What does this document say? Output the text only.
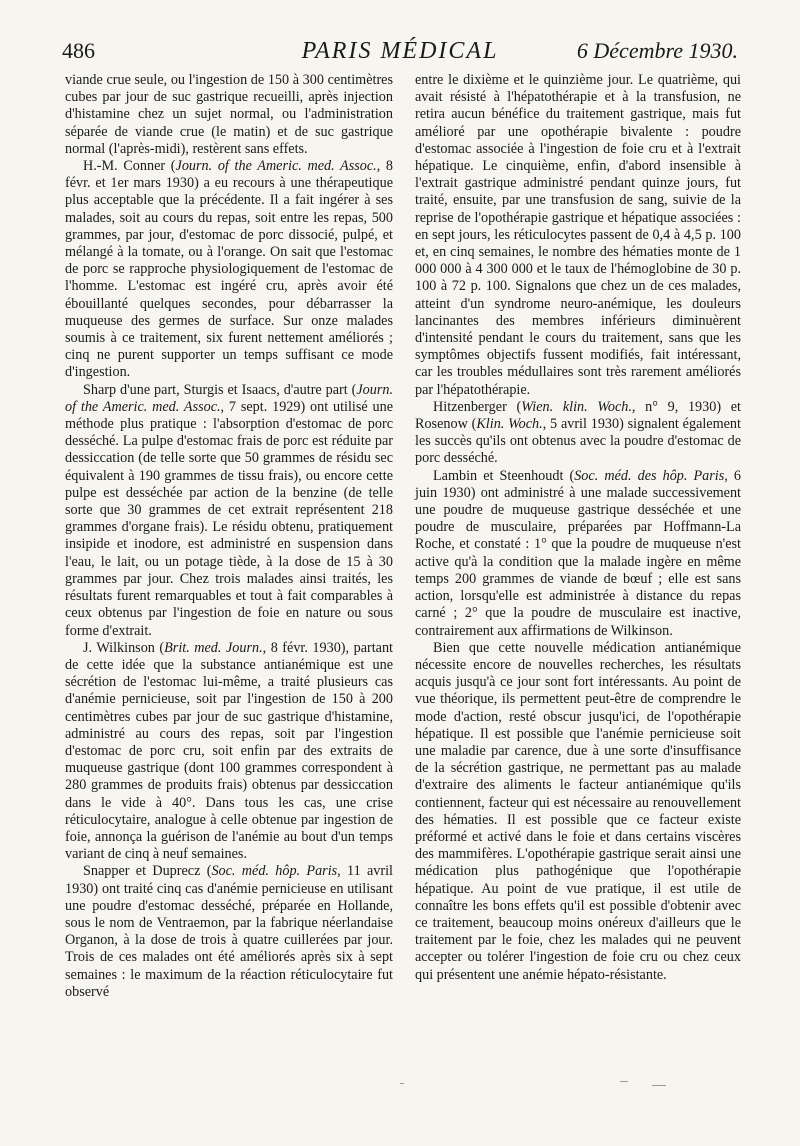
486	PARIS MÉDICAL	6 Décembre 1930.

viande crue seule, ou l'ingestion de 150 à 300 centimètres cubes par jour de suc gastrique recueilli, après injection d'histamine chez un sujet normal, ou l'administration séparée de viande crue (le matin) et de suc gastrique normal (l'après-midi), restèrent sans effets.

H.-M. Conner (Journ. of the Americ. med. Assoc., 8 févr. et 1er mars 1930) a eu recours à une thérapeutique plus acceptable que la précédente. Il a fait ingérer à ses malades, soit au cours du repas, soit entre les repas, 500 grammes, par jour, d'estomac de porc dissocié, pulpé, et mélangé à la tomate, ou à l'orange. On sait que l'estomac de porc se rapproche physiologiquement de l'estomac de l'homme. L'estomac est ingéré cru, après avoir été ébouillanté quelques secondes, pour débarrasser la muqueuse des germes de surface. Sur onze malades soumis à ce traitement, six furent nettement améliorés ; cinq ne purent supporter un temps suffisant ce mode d'ingestion.

Sharp d'une part, Sturgis et Isaacs, d'autre part (Journ. of the Americ. med. Assoc., 7 sept. 1929) ont utilisé une méthode plus pratique : l'absorption d'estomac de porc desséché. La pulpe d'estomac frais de porc est réduite par dessiccation (de telle sorte que 50 grammes de résidu sec équivalent à 190 grammes de tissu frais), ou encore cette pulpe est desséchée par action de la benzine (de telle sorte que 30 grammes de cet extrait représentent 218 grammes d'organe frais). Le résidu obtenu, pratiquement insipide et inodore, est administré en suspension dans l'eau, le lait, ou un potage tiède, à la dose de 15 à 30 grammes par jour. Chez trois malades ainsi traités, les résultats furent remarquables et tout à fait comparables à ceux obtenus par l'ingestion de foie en nature ou sous forme d'extrait.

J. Wilkinson (Brit. med. Journ., 8 févr. 1930), partant de cette idée que la substance antianémique est une sécrétion de l'estomac lui-même, a traité plusieurs cas d'anémie pernicieuse, soit par l'ingestion de 150 à 200 centimètres cubes par jour de suc gastrique d'histamine, administré au cours des repas, soit par l'ingestion d'estomac de porc cru, soit enfin par des extraits de muqueuse gastrique (dont 100 grammes correspondent à 280 grammes de produits frais) obtenus par dessiccation dans le vide à 40°. Dans tous les cas, une crise réticulocytaire, analogue à celle obtenue par ingestion de foie, annonça la guérison de l'anémie au bout d'un temps variant de cinq à neuf semaines.

Snapper et Duprecz (Soc. méd. hôp. Paris, 11 avril 1930) ont traité cinq cas d'anémie pernicieuse en utilisant une poudre d'estomac desséché, préparée en Hollande, sous le nom de Ventraemon, par la fabrique néerlandaise Organon, à la dose de trois à quatre cuillerées par jour. Trois de ces malades ont été améliorés après six à sept semaines : le maximum de la réaction réticulocytaire fut observé

entre le dixième et le quinzième jour. Le quatrième, qui avait résisté à l'hépatothérapie et à la transfusion, ne retira aucun bénéfice du traitement gastrique, mais fut amélioré par une opothérapie bivalente : poudre d'estomac associée à l'ingestion de foie cru et à l'extrait hépatique. Le cinquième, enfin, d'abord insensible à l'extrait gastrique administré pendant quinze jours, fut traité, ensuite, par une transfusion de sang, suivie de la reprise de l'opothérapie gastrique et hépatique associées : en sept jours, les réticulocytes passent de 0,4 à 4,5 p. 100 et, en cinq semaines, le nombre des hématies monte de 1 000 000 à 4 300 000 et le taux de l'hémoglobine de 30 p. 100 à 72 p. 100. Signalons que chez un de ces malades, atteint d'un syndrome neuro-anémique, les douleurs lancinantes des membres inférieurs diminuèrent d'intensité pendant le cours du traitement, sans que les symptômes objectifs fussent modifiés, fait intéressant, car les troubles médullaires sont très rarement améliorés par l'hépatothérapie.

Hitzenberger (Wien. klin. Woch., n° 9, 1930) et Rosenow (Klin. Woch., 5 avril 1930) signalent également les succès qu'ils ont obtenus avec la poudre d'estomac de porc desséché.

Lambin et Steenhoudt (Soc. méd. des hôp. Paris, 6 juin 1930) ont administré à une malade successivement une poudre de muqueuse gastrique desséchée et une poudre de musculaire, préparées par Hoffmann-La Roche, et constaté : 1° que la poudre de muqueuse n'est active qu'à la condition que la malade ingère en même temps 200 grammes de viande de bœuf ; elle est sans action, lorsqu'elle est administrée à distance du repas carné ; 2° que la poudre de musculaire est inactive, contrairement aux affirmations de Wilkinson.

Bien que cette nouvelle médication antianémique nécessite encore de nouvelles recherches, les résultats acquis jusqu'à ce jour sont fort intéressants. Au point de vue théorique, ils permettent peut-être de comprendre le mode d'action, resté obscur jusqu'ici, de l'opothérapie hépatique. Il est possible que l'anémie pernicieuse soit une maladie par carence, due à une sorte d'insuffisance de la sécrétion gastrique, ne permettant pas au malade d'extraire des aliments le facteur antianémique qu'ils contiennent, facteur qui est nécessaire au renouvellement des hématies. Il est possible que ce facteur existe préformé et activé dans le foie et dans certains viscères des mammifères. L'opothérapie gastrique serait ainsi une médication plus pathogénique que l'opothérapie hépatique. Au point de vue pratique, il est utile de connaître les bons effets qu'il est possible d'obtenir avec ce traitement, beaucoup moins onéreux d'ailleurs que le traitement par le foie, chez les malades qui ne peuvent accepter ou tolérer l'ingestion de foie cru ou chez ceux qui présentent une anémie hépato-résistante.
